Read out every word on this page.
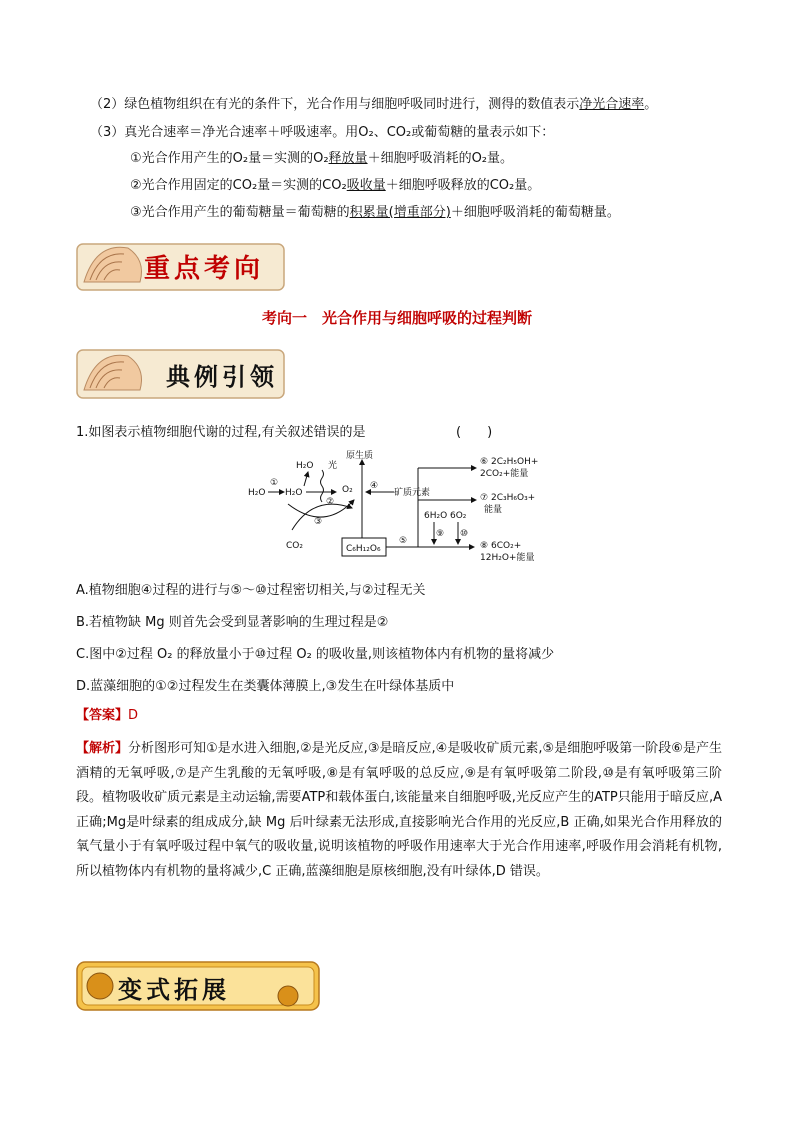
（2）绿色植物组织在有光的条件下，光合作用与细胞呼吸同时进行，测得的数值表示净光合速率。
（3）真光合速率＝净光合速率＋呼吸速率。用O₂、CO₂或葡萄糖的量表示如下：
①光合作用产生的O₂量＝实测的O₂释放量＋细胞呼吸消耗的O₂量。
②光合作用固定的CO₂量＝实测的CO₂吸收量＋细胞呼吸释放的CO₂量。
③光合作用产生的葡萄糖量＝葡萄糖的积累量(增重部分)＋细胞呼吸消耗的葡萄糖量。
重点考向
考向一　光合作用与细胞呼吸的过程判断
典例引领
1.如图表示植物细胞代谢的过程,有关叙述错误的是	(　　)
H₂O
①
H₂O
H₂O 光
②
O₂
③
CO₂	C₆H₁₂O₆
原生质
④
矿质元素
⑤
6H₂O 6O₂
⑨ ⑩
⑥ 2C₂H₅OH+
2CO₂+能量
⑦ 2C₃H₆O₃+
能量
⑧ 6CO₂+
12H₂O+能量
A.植物细胞④过程的进行与⑤～⑩过程密切相关,与②过程无关
B.若植物缺 Mg 则首先会受到显著影响的生理过程是②
C.图中②过程 O₂ 的释放量小于⑩过程 O₂ 的吸收量,则该植物体内有机物的量将减少
D.蓝藻细胞的①②过程发生在类囊体薄膜上,③发生在叶绿体基质中
【答案】D
【解析】分析图形可知①是水进入细胞,②是光反应,③是暗反应,④是吸收矿质元素,⑤是细胞呼吸第一阶段⑥是产生酒精的无氧呼吸,⑦是产生乳酸的无氧呼吸,⑧是有氧呼吸的总反应,⑨是有氧呼吸第二阶段,⑩是有氧呼吸第三阶段。植物吸收矿质元素是主动运输,需要ATP和载体蛋白,该能量来自细胞呼吸,光反应产生的ATP只能用于暗反应,A 正确;Mg是叶绿素的组成成分,缺 Mg 后叶绿素无法形成,直接影响光合作用的光反应,B 正确,如果光合作用释放的氧气量小于有氧呼吸过程中氧气的吸收量,说明该植物的呼吸作用速率大于光合作用速率,呼吸作用会消耗有机物,所以植物体内有机物的量将减少,C 正确,蓝藻细胞是原核细胞,没有叶绿体,D 错误。
变式拓展
